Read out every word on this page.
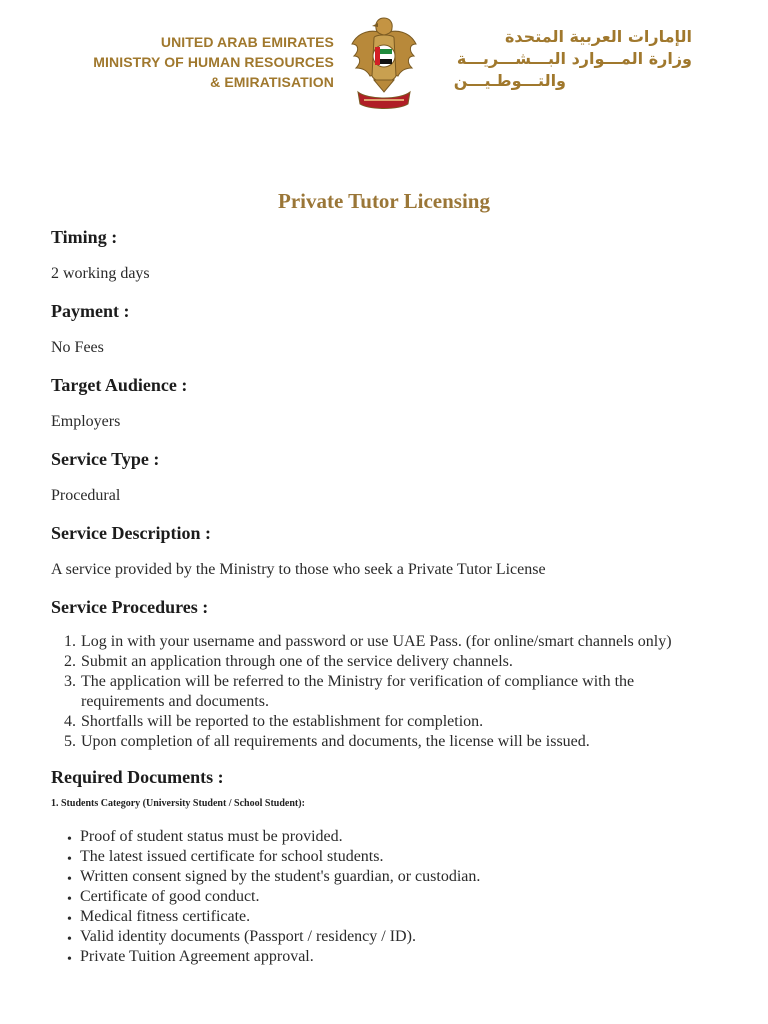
UNITED ARAB EMIRATES
MINISTRY OF HUMAN RESOURCES
& EMIRATISATION
الإمارات العربية المتحدة
وزارة المـــوارد البـــشـــريـــة
والتـــوطـيـــن
Private Tutor Licensing
Timing :
2 working days
Payment :
No Fees
Target Audience :
Employers
Service Type :
Procedural
Service Description :
A service provided by the Ministry to those who seek a Private Tutor License
Service Procedures :
1. Log in with your username and password or use UAE Pass. (for online/smart channels only)
2. Submit an application through one of the service delivery channels.
3. The application will be referred to the Ministry for verification of compliance with the requirements and documents.
4. Shortfalls will be reported to the establishment for completion.
5. Upon completion of all requirements and documents, the license will be issued.
Required Documents :
1. Students Category (University Student / School Student):
• Proof of student status must be provided.
• The latest issued certificate for school students.
• Written consent signed by the student's guardian, or custodian.
• Certificate of good conduct.
• Medical fitness certificate.
• Valid identity documents (Passport / residency / ID).
• Private Tuition Agreement approval.
